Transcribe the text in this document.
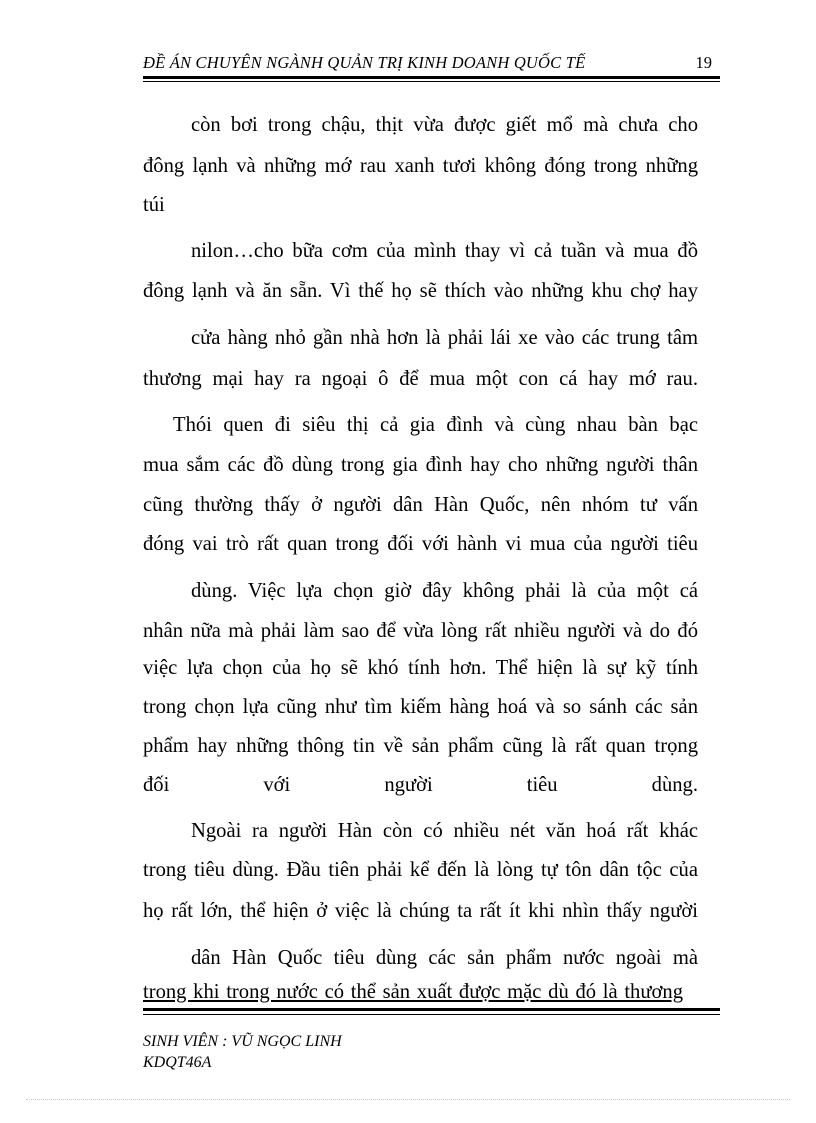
ĐỀ ÁN CHUYÊN NGÀNH QUẢN TRỊ KINH DOANH QUỐC TẾ	19
còn bơi trong chậu, thịt vừa được giết mổ mà chưa cho
đông lạnh và những mớ rau xanh tươi không đóng trong những
túi
nilon…cho bữa cơm của mình thay vì cả tuần và mua đồ
đông lạnh và ăn sẵn. Vì thế họ sẽ thích vào những khu chợ hay
cửa hàng nhỏ gần nhà hơn là phải lái xe vào các trung tâm
thương mại hay ra ngoại ô để mua một con cá hay mớ rau.
Thói quen đi siêu thị cả gia đình và cùng nhau bàn bạc
mua sắm các đồ dùng trong gia đình hay cho những người thân
cũng thường thấy ở người dân Hàn Quốc, nên nhóm tư vấn
đóng vai trò rất quan trong đối với hành vi mua của người tiêu
dùng. Việc lựa chọn giờ đây không phải là của một cá
nhân nữa mà phải làm sao để vừa lòng rất nhiều người và do đó
việc lựa chọn của họ sẽ khó tính hơn. Thể hiện là sự kỹ tính
trong chọn lựa cũng như tìm kiếm hàng hoá và so sánh các sản
phẩm hay những thông tin về sản phẩm cũng là rất quan trọng
đối	với	người	tiêu	dùng.
Ngoài ra người Hàn còn có nhiều nét văn hoá rất khác
trong tiêu dùng. Đầu tiên phải kể đến là lòng tự tôn dân tộc của
họ rất lớn, thể hiện ở việc là chúng ta rất ít khi nhìn thấy người
dân Hàn Quốc tiêu dùng các sản phẩm nước ngoài mà
trong khi trong nước có thể sản xuất được mặc dù đó là thương
SINH VIÊN : VŨ NGỌC LINH
KDQT46A
